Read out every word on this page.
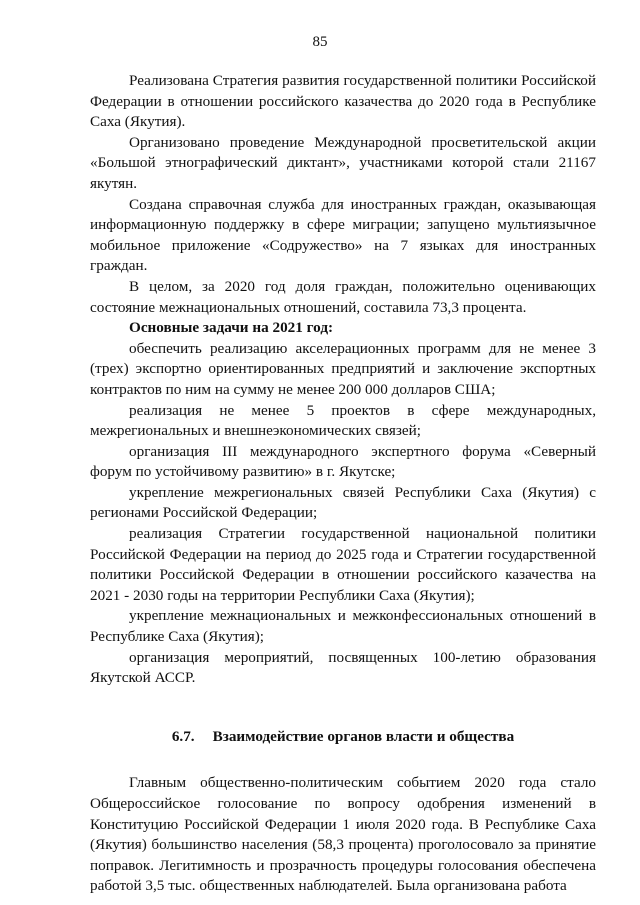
85

Реализована Стратегия развития государственной политики Российской Федерации в отношении российского казачества до 2020 года в Республике Саха (Якутия).

Организовано проведение Международной просветительской акции «Большой этнографический диктант», участниками которой стали 21167 якутян.

Создана справочная служба для иностранных граждан, оказывающая информационную поддержку в сфере миграции; запущено мультиязычное мобильное приложение «Содружество» на 7 языках для иностранных граждан.

В целом, за 2020 год доля граждан, положительно оценивающих состояние межнациональных отношений, составила 73,3 процента.

Основные задачи на 2021 год:

обеспечить реализацию акселерационных программ для не менее 3 (трех) экспортно ориентированных предприятий и заключение экспортных контрактов по ним на сумму не менее 200 000 долларов США;

реализация не менее 5 проектов в сфере международных, межрегиональных и внешнеэкономических связей;

организация III международного экспертного форума «Северный форум по устойчивому развитию» в г. Якутске;

укрепление межрегиональных связей Республики Саха (Якутия) с регионами Российской Федерации;

реализация Стратегии государственной национальной политики Российской Федерации на период до 2025 года и Стратегии государственной политики Российской Федерации в отношении российского казачества на 2021 - 2030 годы на территории Республики Саха (Якутия);

укрепление межнациональных и межконфессиональных отношений в Республике Саха (Якутия);

организация мероприятий, посвященных 100-летию образования Якутской АССР.

6.7. Взаимодействие органов власти и общества

Главным общественно-политическим событием 2020 года стало Общероссийское голосование по вопросу одобрения изменений в Конституцию Российской Федерации 1 июля 2020 года. В Республике Саха (Якутия) большинство населения (58,3 процента) проголосовало за принятие поправок. Легитимность и прозрачность процедуры голосования обеспечена работой 3,5 тыс. общественных наблюдателей. Была организована работа
